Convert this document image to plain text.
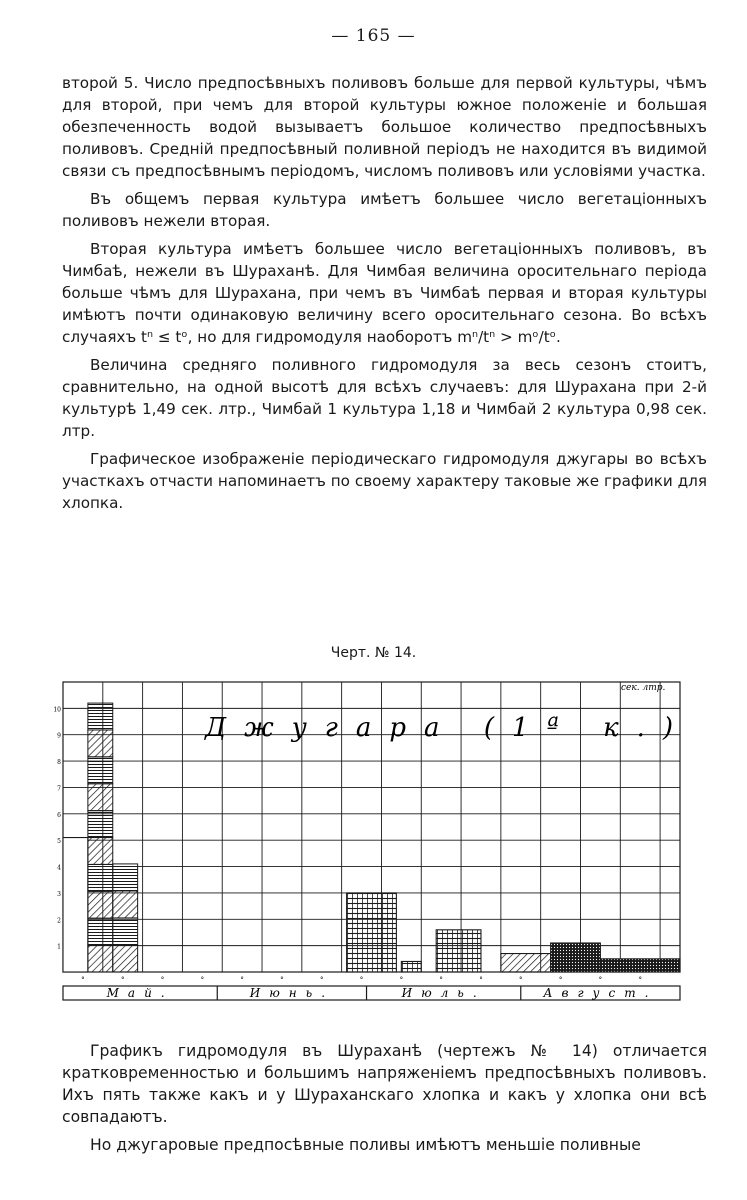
— 165 —

второй 5. Число предпосѣвныхъ поливовъ больше для первой культуры, чѣмъ для второй, при чемъ для второй культуры южное положеніе и большая обезпеченность водой вызываетъ большое количество предпосѣвныхъ поливовъ. Средній предпосѣвный поливной періодъ не находится въ видимой связи съ предпосѣвнымъ періодомъ, числомъ поливовъ или условіями участка.

Въ общемъ первая культура имѣетъ большее число вегетаціонныхъ поливовъ нежели вторая.

Вторая культура имѣетъ большее число вегетаціонныхъ поливовъ, въ Чимбаѣ, нежели въ Шураханѣ. Для Чимбая величина оросительнаго періода больше чѣмъ для Шурахана, при чемъ въ Чимбаѣ первая и вторая культуры имѣютъ почти одинаковую величину всего оросительнаго сезона. Во всѣхъ случаяхъ tⁿ ≤ tᵒ, но для гидромодуля наоборотъ mⁿ/tⁿ > mᵒ/tᵒ.

Величина средняго поливного гидромодуля за весь сезонъ стоитъ, сравнительно, на одной высотѣ для всѣхъ случаевъ: для Шурахана при 2-й культурѣ 1,49 сек. лтр., Чимбай 1 культура 1,18 и Чимбай 2 культура 0,98 сек. лтр.

Графическое изображеніе періодическаго гидромодуля джугары во всѣхъ участкахъ отчасти напоминаетъ по своему характеру таковые же графики для хлопка.

Черт. № 14.
1
2
3
4
5
6
7
8
9
10
Джугара (1ª к.)
сек. лтр.
Май.	Июнь.	Июль.	Август.
°	°	°	°	°	°	°	°	°	°	°	°	°	°	°

Графикъ гидромодуля въ Шураханѣ (чертежъ № 14) отличается кратковременностью и большимъ напряженіемъ предпосѣвныхъ поливовъ. Ихъ пять также какъ и у Шураханскаго хлопка и какъ у хлопка они всѣ совпадаютъ.

Но джугаровые предпосѣвные поливы имѣютъ меньшіе поливные
